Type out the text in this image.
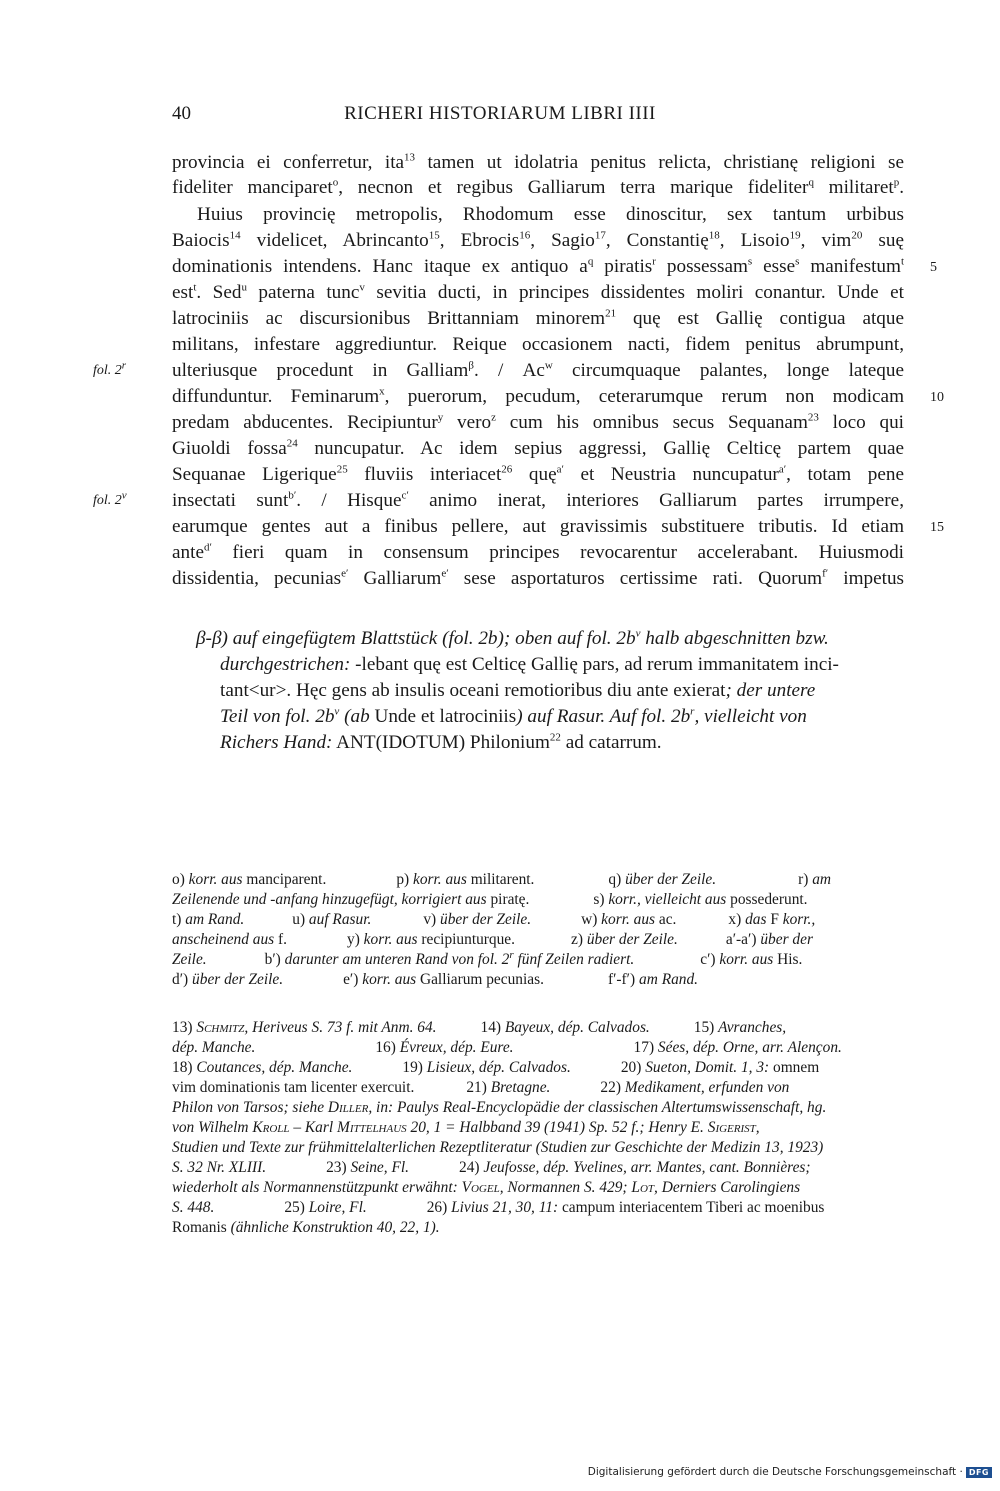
40	RICHERI HISTORIARUM LIBRI IIII
provincia ei conferretur, ita$^{13}$ tamen ut idolatria penitus relicta, christianę religioni se
fideliter manciparet$^o$, necnon et regibus Galliarum terra marique fideliter$^q$ militaret$^p$.
Huius provincię metropolis, Rhodomum esse dinoscitur, sex tantum urbibus
Baiocis$^{14}$ videlicet, Abrincanto$^{15}$, Ebrocis$^{16}$, Sagio$^{17}$, Constantię$^{18}$, Lisoio$^{19}$, vim$^{20}$ suę
dominationis intendens. Hanc itaque ex antiquo $a^q$ piratis$^r$ possessam$^s$ esse$^s$ manifestum$^t$
est$^t$. Sed$^u$ paterna tunc$^v$ sevitia ducti, in principes dissidentes moliri conantur. Unde et
latrociniis ac discursionibus Brittanniam minorem$^{21}$ quę est Gallię contigua atque
militans, infestare aggrediuntur. Reique occasionem nacti, fidem penitus abrumpunt,
ulteriusque procedunt in Galliam$^\beta$. / Ac$^w$ circumquaque palantes, longe lateque
diffunduntur. Feminarum$^x$, puerorum, pecudum, ceterarumque rerum non modicam
predam abducentes. Recipiuntur$^y$ vero$^z$ cum his omnibus secus Sequanam$^{23}$ loco qui
Giuoldi fossa$^{24}$ nuncupatur. Ac idem sepius aggressi, Gallię Celticę partem quae
Sequanae Ligerique$^{25}$ fluviis interiacet$^{26}$ quę$^{a'}$ et Neustria nuncupatur$^{a'}$, totam pene
insectati sunt$^{b'}$. / Hisque$^{c'}$ animo inerat, interiores Galliarum partes irrumpere,
earumque gentes aut a finibus pellere, aut gravissimis substituere tributis. Id etiam
ante$^{d'}$ fieri quam in consensum principes revocarentur accelerabant. Huiusmodi
dissidentia, pecunias$^{e'}$ Galliarum$^{e'}$ sese asportaturos certissime rati. Quorum$^{f'}$ impetus
fol. 2$^r$
fol. 2$^v$
5
10
15
β-β) auf eingefügtem Blattstück (fol. 2b); oben auf fol. $2b^v$ halb abgeschnitten bzw.
durchgestrichen: -lebant quę est Celticę Gallię pars, ad rerum immanitatem inci-
tant<ur>. Hęc gens ab insulis oceani remotioribus diu ante exierat; der untere
Teil von fol. $2b^v$ (ab Unde et latrociniis) auf Rasur. Auf fol. $2b^r$, vielleicht von
Richers Hand: ANT(IDOTUM) Philonium$^{22}$ ad catarrum.
o) korr. aus manciparent.	p) korr. aus militarent.	q) über der Zeile.	r) am
Zeilenende und -anfang hinzugefügt, korrigiert aus piratę.	s) korr., vielleicht aus possederunt.
t) am Rand.	u) auf Rasur.	v) über der Zeile.	w) korr. aus ac.	x) das F korr.,
anscheinend aus f.	y) korr. aus recipiunturque.	z) über der Zeile.	a′-a′) über der
Zeile.	b′) darunter am unteren Rand von fol. 2$^r$ fünf Zeilen radiert.	c′) korr. aus His.
d′) über der Zeile.	e′) korr. aus Galliarum pecunias.	f′-f′) am Rand.
13) Schmitz, Heriveus S. 73 f. mit Anm. 64.	14) Bayeux, dép. Calvados.	15) Avranches,
dép. Manche.	16) Évreux, dép. Eure.	17) Sées, dép. Orne, arr. Alençon.
18) Coutances, dép. Manche.	19) Lisieux, dép. Calvados.	20) Sueton, Domit. 1, 3: omnem
vim dominationis tam licenter exercuit.	21) Bretagne.	22) Medikament, erfunden von
Philon von Tarsos; siehe Diller, in: Paulys Real-Encyclopädie der classischen Altertumswissenschaft, hg.
von Wilhelm Kroll – Karl Mittelhaus 20, 1 = Halbband 39 (1941) Sp. 52 f.; Henry E. Sigerist,
Studien und Texte zur frühmittelalterlichen Rezeptliteratur (Studien zur Geschichte der Medizin 13, 1923)
S. 32 Nr. XLIII.	23) Seine, Fl.	24) Jeufosse, dép. Yvelines, arr. Mantes, cant. Bonnières;
wiederholt als Normannenstützpunkt erwähnt: Vogel, Normannen S. 429; Lot, Derniers Carolingiens
S. 448.	25) Loire, Fl.	26) Livius 21, 30, 11: campum interiacentem Tiberi ac moenibus
Romanis (ähnliche Konstruktion 40, 22, 1).
Digitalisierung gefördert durch die Deutsche Forschungsgemeinschaft · DFG
